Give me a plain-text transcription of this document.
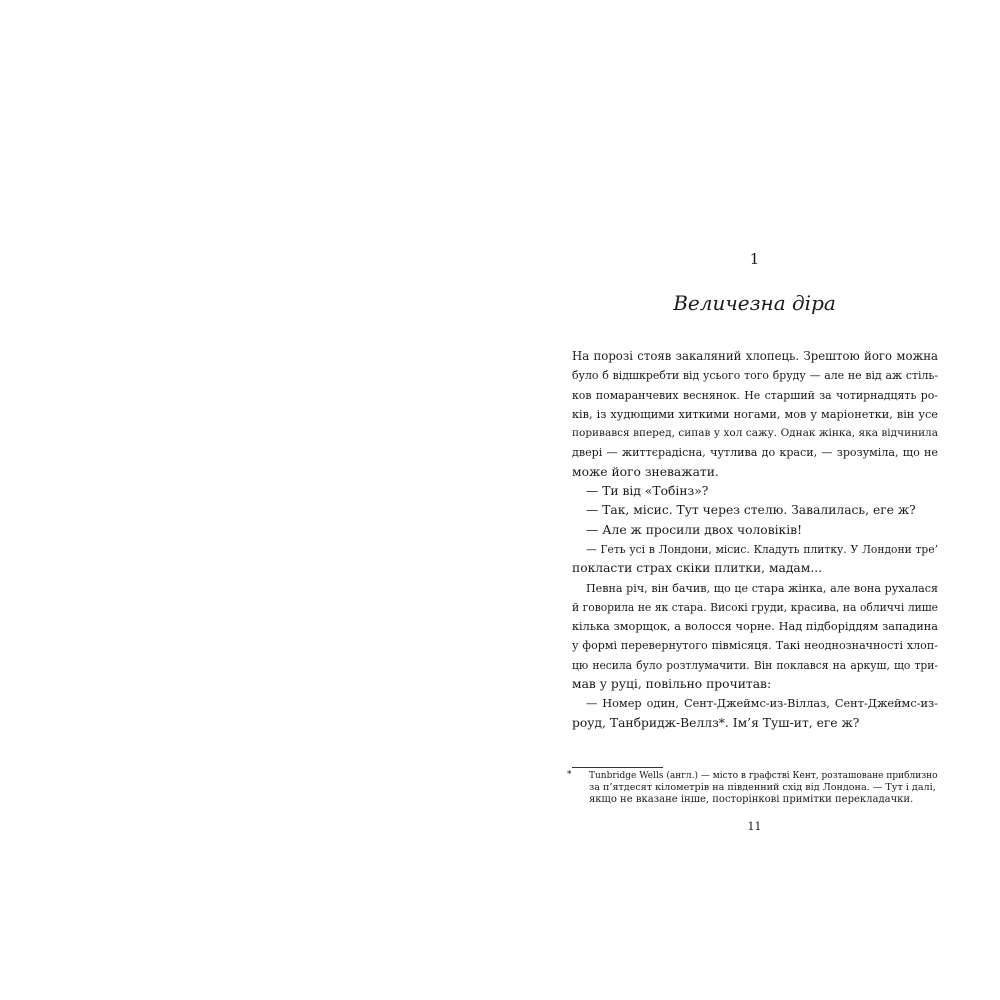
1
Величезна діра

На порозі стояв закаляний хлопець. Зрештою його можна

було б відшкребти від усього того бруду — але не від аж стіль-

ков помаранчевих веснянок. Не старший за чотирнадцять ро-

ків, із худющими хиткими ногами, мов у маріонетки, він усе

поривався вперед, сипав у хол сажу. Однак жінка, яка відчинила

двері — життєрадісна, чутлива до краси, — зрозуміла, що не

може його зневажати.

— Ти від «Тобінз»?

— Так, місис. Тут через стелю. Завалилась, еге ж?

— Але ж просили двох чоловіків!

— Геть усі в Лондони, місис. Кладуть плитку. У Лондони тре’

покласти страх скіки плитки, мадам...

Певна річ, він бачив, що це стара жінка, але вона рухалася

й говорила не як стара. Високі груди, красива, на обличчі лише

кілька зморщок, а волосся чорне. Над підборіддям западина

у формі перевернутого півмісяця. Такі неоднозначності хлоп-

цю несила було розтлумачити. Він поклався на аркуш, що три-

мав у руці, повільно прочитав:

— Номер один, Сент-Джеймс-из-Віллаз, Сент-Джеймс-из-

роуд, Танбридж-Веллз*. Ім’я Туш-ит, еге ж?

*	Tunbridge Wells (англ.) — місто в графстві Кент, розташоване приблизно
за п’ятдесят кілометрів на південний схід від Лондона. — Тут і далі,
якщо не вказане інше, посторінкові примітки перекладачки.
11
